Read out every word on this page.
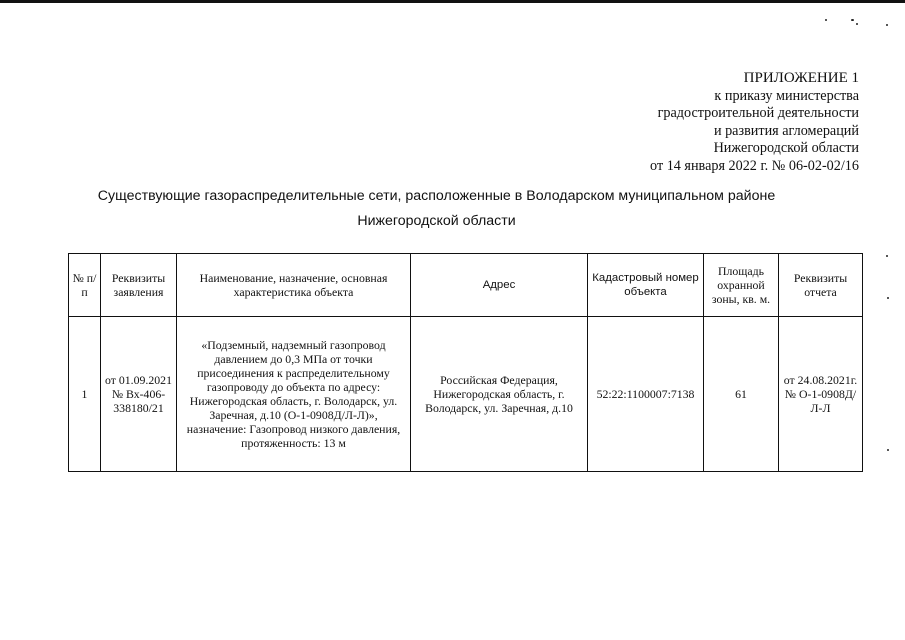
ПРИЛОЖЕНИЕ 1
к приказу министерства
градостроительной деятельности
и развития агломераций
Нижегородской области
от 14 января 2022 г. № 06-02-02/16
Существующие газораспределительные сети, расположенные в Володарском муниципальном районе
Нижегородской области
№ п/п	Реквизиты заявления	Наименование, назначение, основная характеристика объекта	Адрес	Кадастровый номер объекта	Площадь охранной зоны, кв. м.	Реквизиты отчета
1	от 01.09.2021 № Вх-406-338180/21	«Подземный, надземный газопровод давлением до 0,3 МПа от точки присоединения к распределительному газопроводу до объекта по адресу: Нижегородская область, г. Володарск, ул. Заречная, д.10 (О-1-0908Д/Л-Л)», назначение: Газопровод низкого давления, протяженность: 13 м	Российская Федерация, Нижегородская область, г. Володарск, ул. Заречная, д.10	52:22:1100007:7138	61	от 24.08.2021г. № О-1-0908Д/Л-Л
